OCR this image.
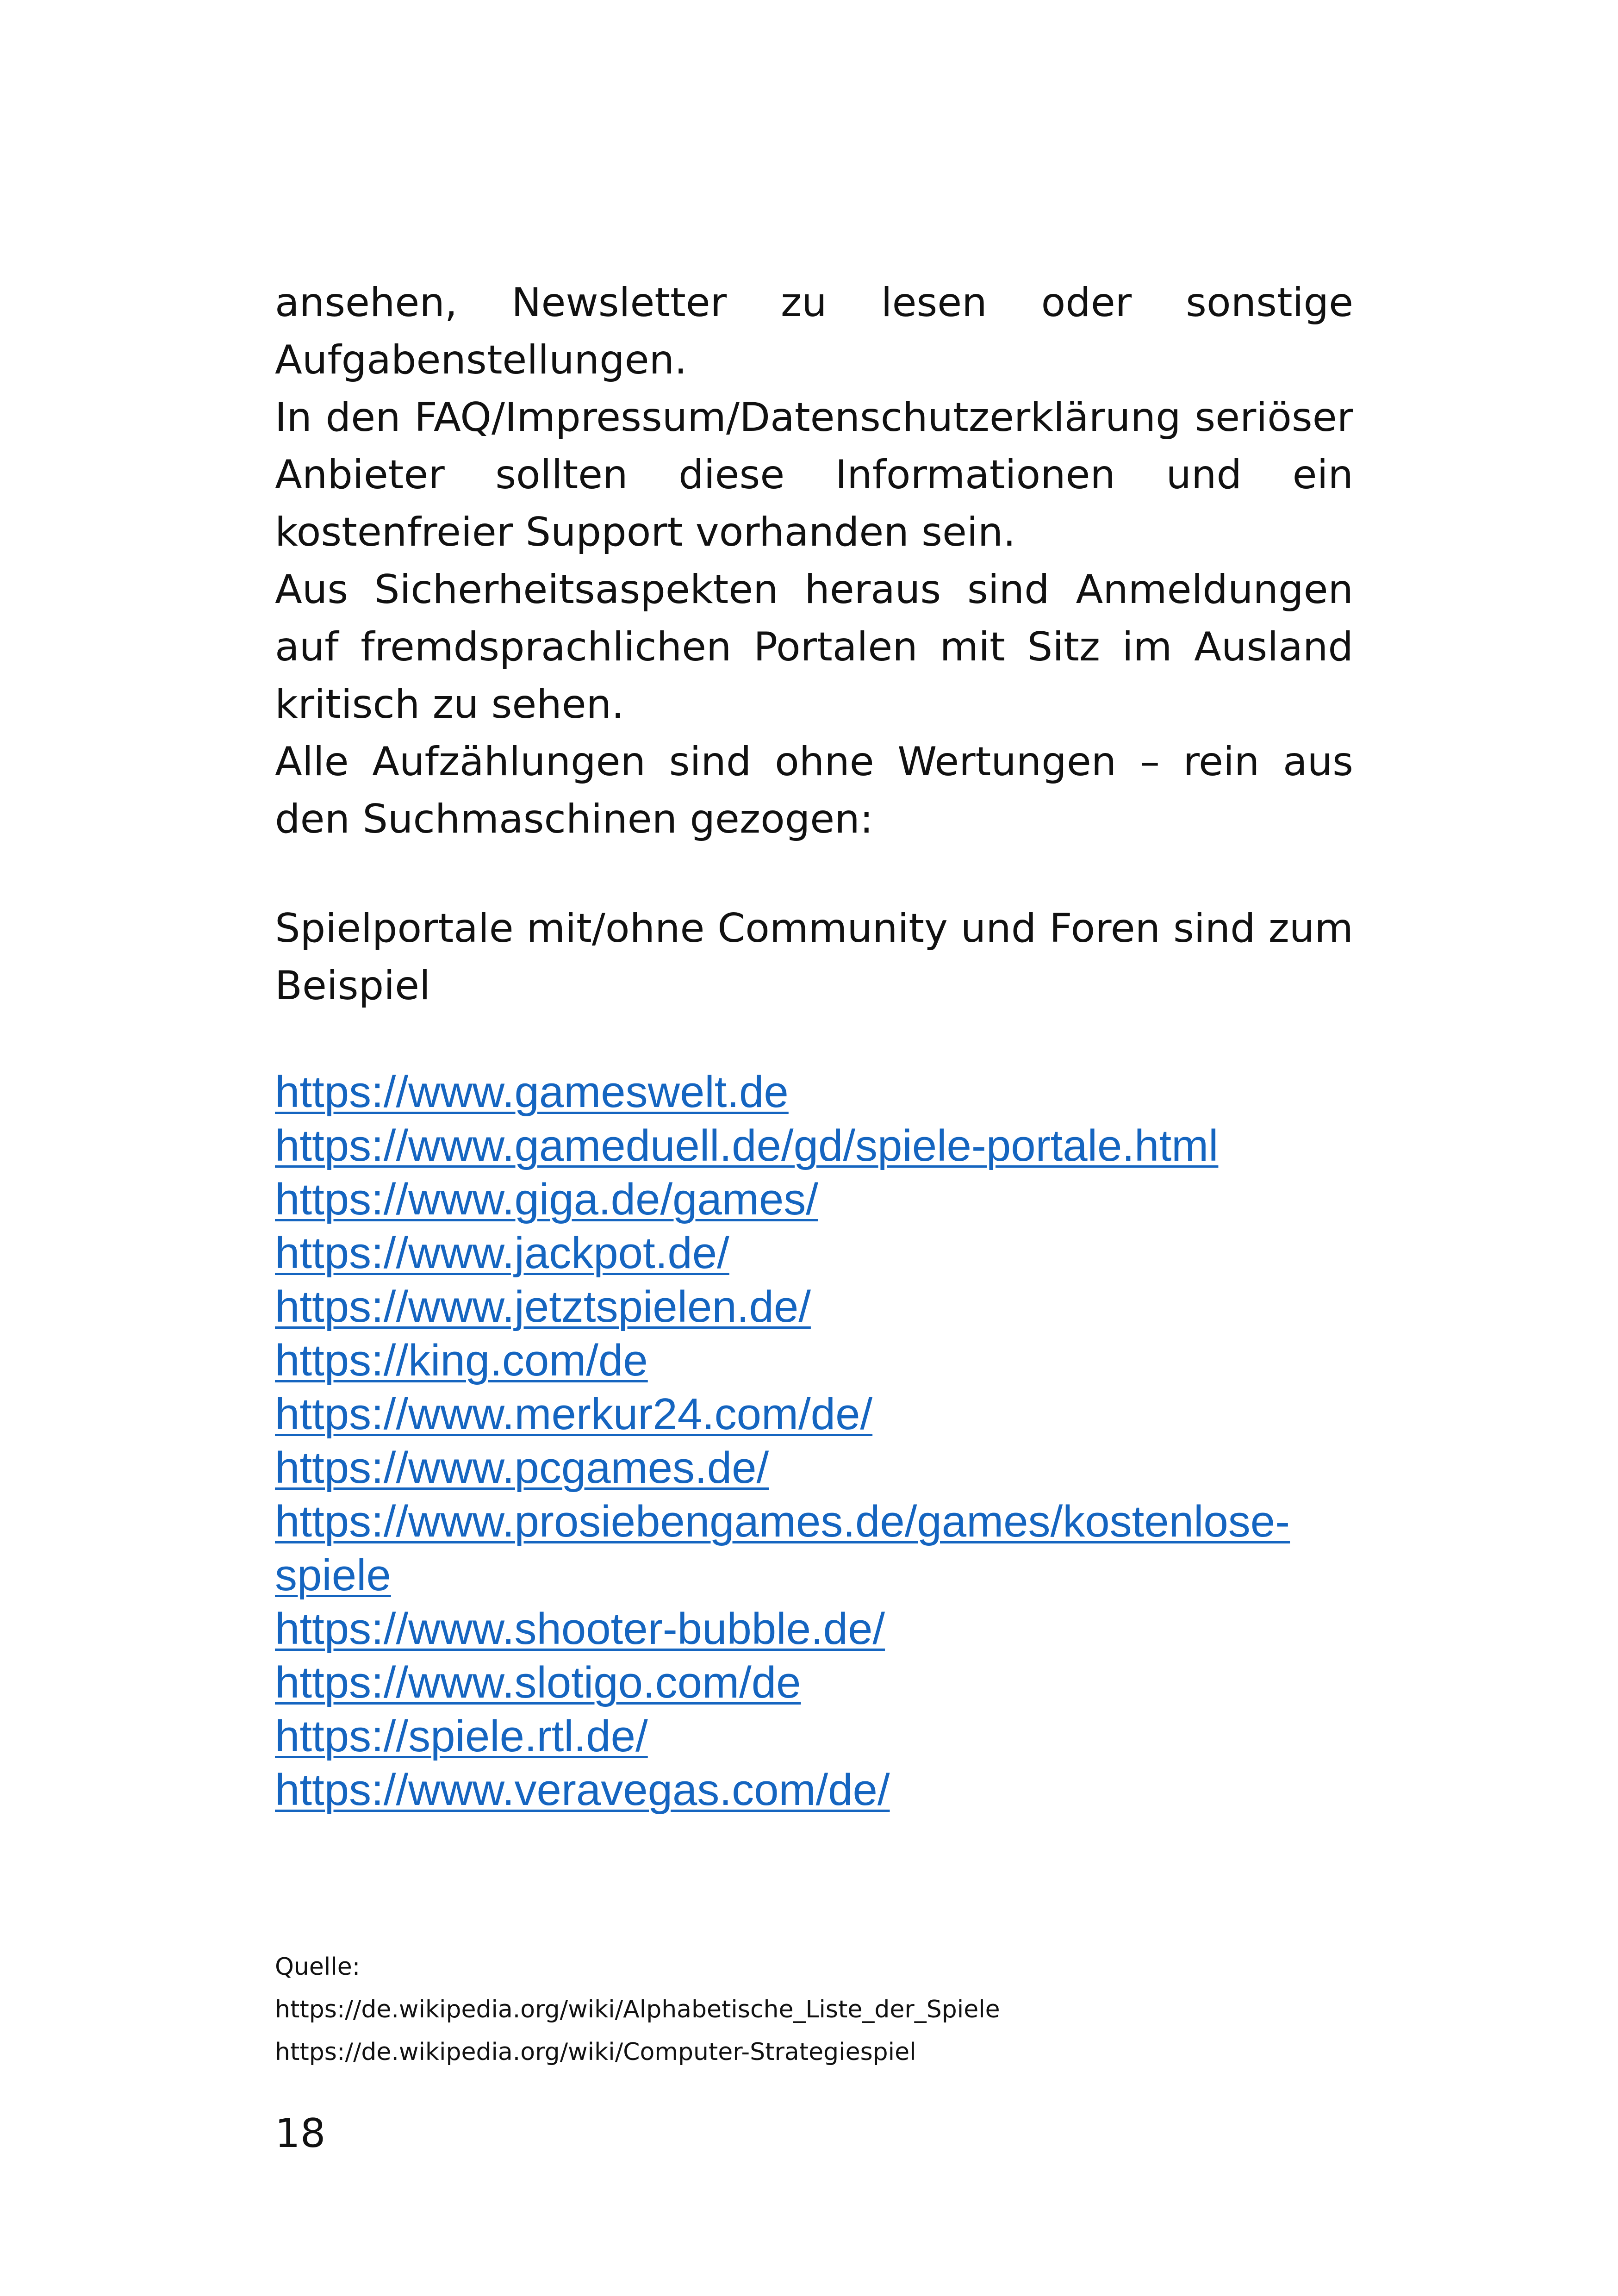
ansehen, Newsletter zu lesen oder sonstige Aufgabenstellungen.

In den FAQ/Impressum/Datenschutzerklärung seriöser Anbieter sollten diese Informationen und ein kostenfreier Support vorhanden sein.

Aus Sicherheitsaspekten heraus sind Anmeldungen auf fremdsprachlichen Portalen mit Sitz im Ausland kritisch zu sehen.

Alle Aufzählungen sind ohne Wertungen – rein aus den Suchmaschinen gezogen:

Spielportale mit/ohne Community und Foren sind zum Beispiel

https://www.gameswelt.de
https://www.gameduell.de/gd/spiele-portale.html
https://www.giga.de/games/
https://www.jackpot.de/
https://www.jetztspielen.de/
https://king.com/de
https://www.merkur24.com/de/
https://www.pcgames.de/
https://www.prosiebengames.de/games/kostenlose-spiele
https://www.shooter-bubble.de/
https://www.slotigo.com/de
https://spiele.rtl.de/
https://www.veravegas.com/de/
Quelle:
https://de.wikipedia.org/wiki/Alphabetische_Liste_der_Spiele
https://de.wikipedia.org/wiki/Computer-Strategiespiel
18
